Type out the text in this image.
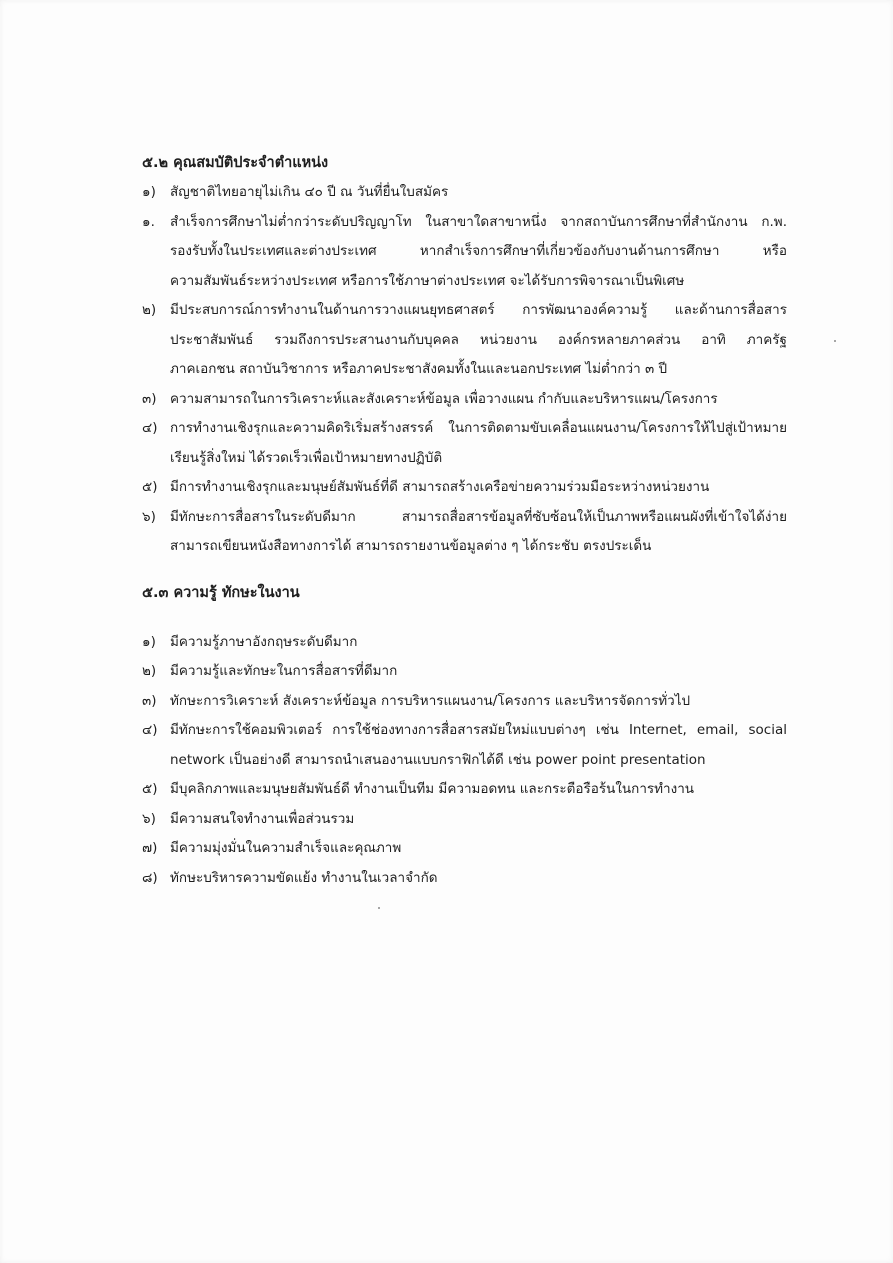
๕.๒ คุณสมบัติประจำตำแหน่ง
๑)	สัญชาติไทยอายุไม่เกิน ๔๐ ปี ณ วันที่ยื่นใบสมัคร
๑.	สำเร็จการศึกษาไม่ต่ำกว่าระดับปริญญาโท ในสาขาใดสาขาหนึ่ง จากสถาบันการศึกษาที่สำนักงาน ก.พ.
รองรับทั้งในประเทศและต่างประเทศ หากสำเร็จการศึกษาที่เกี่ยวข้องกับงานด้านการศึกษา หรือ
ความสัมพันธ์ระหว่างประเทศ หรือการใช้ภาษาต่างประเทศ จะได้รับการพิจารณาเป็นพิเศษ
๒)	มีประสบการณ์การทำงานในด้านการวางแผนยุทธศาสตร์ การพัฒนาองค์ความรู้ และด้านการสื่อสาร
ประชาสัมพันธ์ รวมถึงการประสานงานกับบุคคล หน่วยงาน องค์กรหลายภาคส่วน อาทิ ภาครัฐ
ภาคเอกชน สถาบันวิชาการ หรือภาคประชาสังคมทั้งในและนอกประเทศ ไม่ต่ำกว่า ๓ ปี
๓)	ความสามารถในการวิเคราะห์และสังเคราะห์ข้อมูล เพื่อวางแผน กำกับและบริหารแผน/โครงการ
๔) การทำงานเชิงรุกและความคิดริเริ่มสร้างสรรค์ ในการติดตามขับเคลื่อนแผนงาน/โครงการให้ไปสู่เป้าหมาย
เรียนรู้สิ่งใหม่ ได้รวดเร็วเพื่อเป้าหมายทางปฏิบัติ
๕) มีการทำงานเชิงรุกและมนุษย์สัมพันธ์ที่ดี สามารถสร้างเครือข่ายความร่วมมือระหว่างหน่วยงาน
๖)	มีทักษะการสื่อสารในระดับดีมาก สามารถสื่อสารข้อมูลที่ซับซ้อนให้เป็นภาพหรือแผนผังที่เข้าใจได้ง่าย
สามารถเขียนหนังสือทางการได้ สามารถรายงานข้อมูลต่าง ๆ ได้กระชับ ตรงประเด็น
๕.๓ ความรู้ ทักษะในงาน
๑)	มีความรู้ภาษาอังกฤษระดับดีมาก
๒)	มีความรู้และทักษะในการสื่อสารที่ดีมาก
๓)	ทักษะการวิเคราะห์ สังเคราะห์ข้อมูล การบริหารแผนงาน/โครงการ และบริหารจัดการทั่วไป
๔) มีทักษะการใช้คอมพิวเตอร์ การใช้ช่องทางการสื่อสารสมัยใหม่แบบต่างๆ เช่น Internet, email, social
network เป็นอย่างดี สามารถนำเสนองานแบบกราฟิกได้ดี เช่น power point presentation
๕) มีบุคลิกภาพและมนุษยสัมพันธ์ดี ทำงานเป็นทีม มีความอดทน และกระตือรือร้นในการทำงาน
๖)	มีความสนใจทำงานเพื่อส่วนรวม
๗) มีความมุ่งมั่นในความสำเร็จและคุณภาพ
๘) ทักษะบริหารความขัดแย้ง ทำงานในเวลาจำกัด
